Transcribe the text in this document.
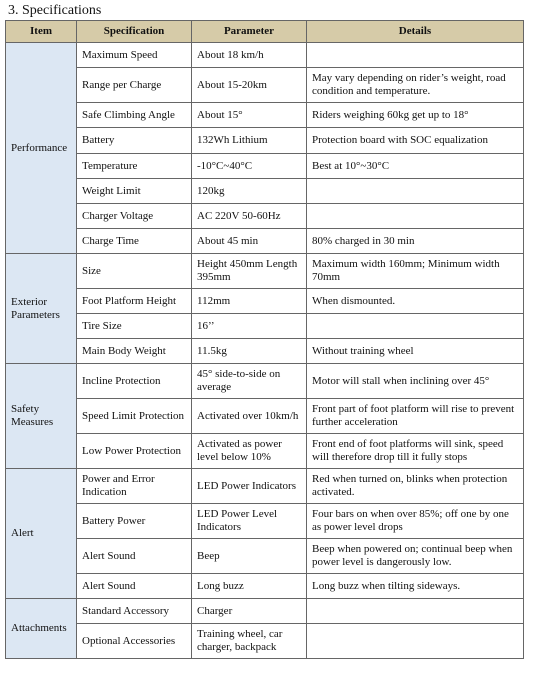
3. Specifications
Item	Specification	Parameter	Details
Performance	Maximum Speed	About 18 km/h	
	Range per Charge	About 15-20km	May vary depending on rider’s weight, road condition and temperature.
	Safe Climbing Angle	About 15°	Riders weighing 60kg get up to 18°
	Battery	132Wh Lithium	Protection board with SOC equalization
	Temperature	-10°C~40°C	Best at 10°~30°C
	Weight Limit	120kg	
	Charger Voltage	AC 220V 50-60Hz	
	Charge Time	About 45 min	80% charged in 30 min
Exterior Parameters	Size	Height 450mm Length 395mm	Maximum width 160mm; Minimum width 70mm
	Foot Platform Height	112mm	When dismounted.
	Tire Size	16’’	
	Main Body Weight	11.5kg	Without training wheel
Safety Measures	Incline Protection	45° side-to-side on average	Motor will stall when inclining over 45°
	Speed Limit Protection	Activated over 10km/h	Front part of foot platform will rise to prevent further acceleration
	Low Power Protection	Activated as power level below 10%	Front end of foot platforms will sink, speed will therefore drop till it fully stops

Alert	Power and Error Indication	LED Power Indicators	Red when turned on, blinks when protection activated.
	Battery Power	LED Power Level Indicators	Four bars on when over 85%; off one by one as power level drops
	Alert Sound	Beep	Beep when powered on; continual beep when power level is dangerously low.
	Alert Sound	Long buzz	Long buzz when tilting sideways.
Attachments	Standard Accessory	Charger	
	Optional Accessories	Training wheel, car charger, backpack	
